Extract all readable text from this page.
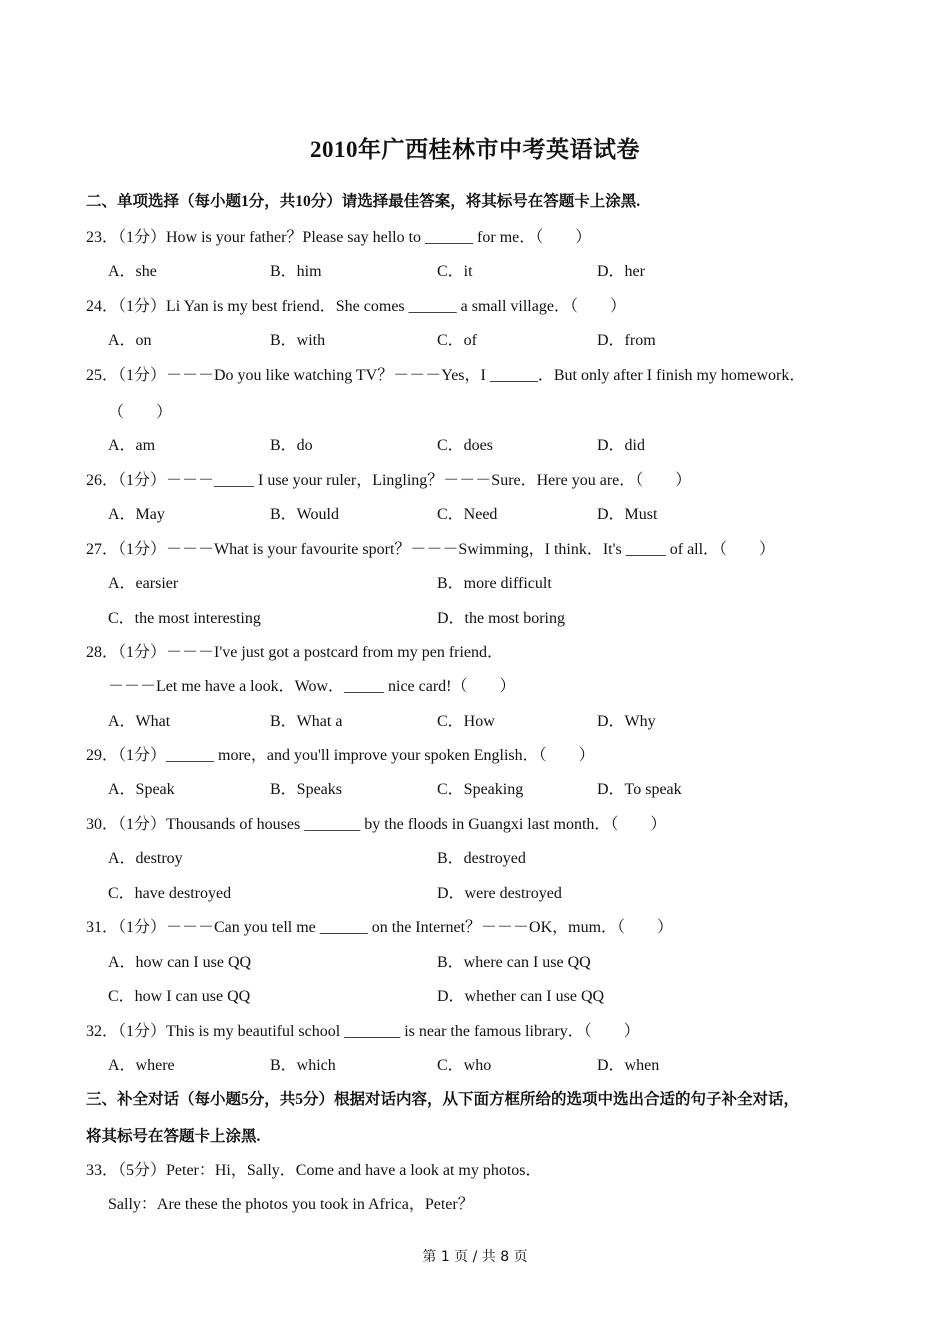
2010年广西桂林市中考英语试卷
二、单项选择（每小题1分，共10分）请选择最佳答案，将其标号在答题卡上涂黑.
23．（1分）How is your father？Please say hello to ______ for me．（　　）
A．she	B．him	C．it	D．her
24．（1分）Li Yan is my best friend．She comes ______ a small village．（　　）
A．on	B．with	C．of	D．from
25．（1分）－－－Do you like watching TV？－－－Yes，I ______．But only after I finish my homework．
（　　）
A．am	B．do	C．does	D．did
26．（1分）－－－_____ I use your ruler，Lingling？－－－Sure．Here you are．（　　）
A．May	B．Would	C．Need	D．Must
27．（1分）－－－What is your favourite sport？－－－Swimming，I think．It's _____ of all．（　　）
A．earsier	B．more difficult
C．the most interesting	D．the most boring
28．（1分）－－－I've just got a postcard from my pen friend．
－－－Let me have a look．Wow．_____ nice card!（　　）
A．What	B．What a	C．How	D．Why
29．（1分）______ more，and you'll improve your spoken English．（　　）
A．Speak	B．Speaks	C．Speaking	D．To speak
30．（1分）Thousands of houses _______ by the floods in Guangxi last month．（　　）
A．destroy	B．destroyed
C．have destroyed	D．were destroyed
31．（1分）－－－Can you tell me ______ on the Internet？－－－OK，mum．（　　）
A．how can I use QQ	B．where can I use QQ
C．how I can use QQ	D．whether can I use QQ
32．（1分）This is my beautiful school _______ is near the famous library．（　　）
A．where	B．which	C．who	D．when
三、补全对话（每小题5分，共5分）根据对话内容，从下面方框所给的选项中选出合适的句子补全对话，
将其标号在答题卡上涂黑.
33．（5分）Peter：Hi，Sally．Come and have a look at my photos．
Sally：Are these the photos you took in Africa，Peter？
第 1 页 / 共 8 页
